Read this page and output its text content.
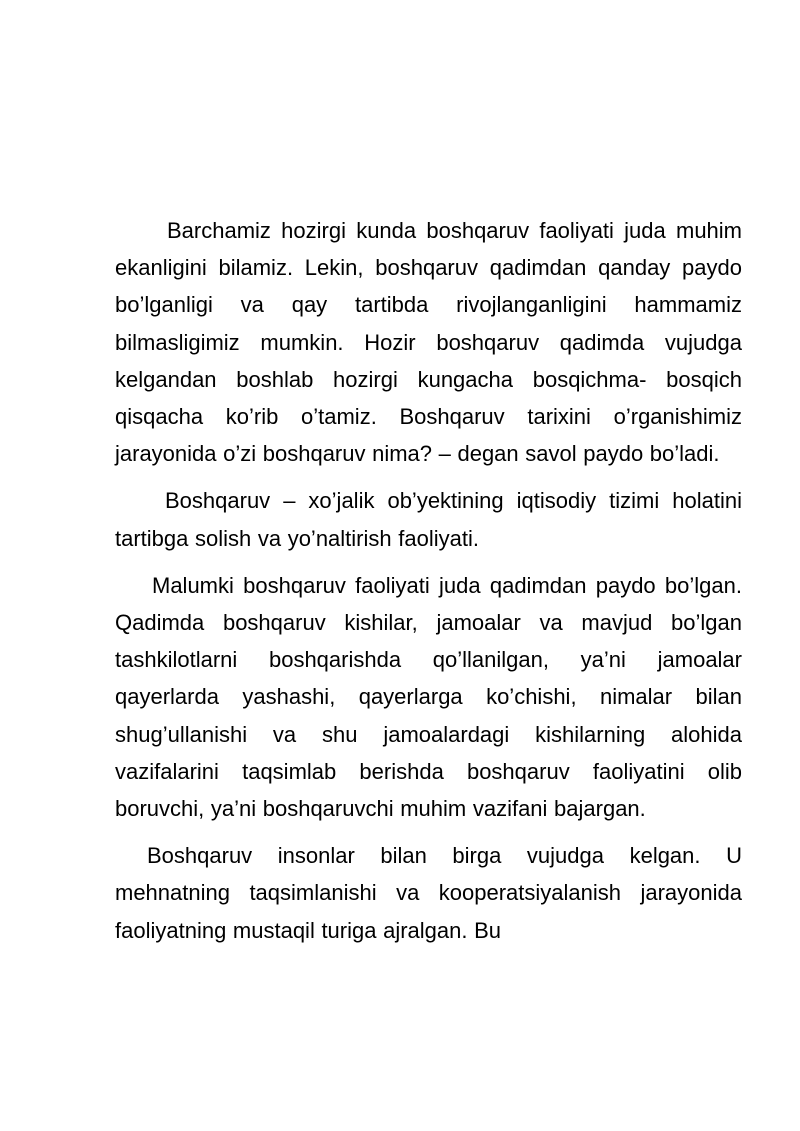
Barchamiz hozirgi kunda boshqaruv faoliyati juda muhim ekanligini bilamiz. Lekin, boshqaruv qadimdan qanday paydo bo’lganligi va qay tartibda rivojlanganligini hammamiz bilmasligimiz mumkin. Hozir boshqaruv qadimda vujudga kelgandan boshlab hozirgi kungacha bosqichma- bosqich qisqacha ko’rib o’tamiz. Boshqaruv tarixini o’rganishimiz jarayonida o’zi boshqaruv nima? – degan savol paydo bo’ladi.

Boshqaruv – xo’jalik ob’yektining iqtisodiy tizimi holatini tartibga solish va yo’naltirish faoliyati.

Malumki boshqaruv faoliyati juda qadimdan paydo bo’lgan. Qadimda boshqaruv kishilar, jamoalar va mavjud bo’lgan tashkilotlarni boshqarishda qo’llanilgan, ya’ni jamoalar qayerlarda yashashi, qayerlarga ko’chishi, nimalar bilan shug’ullanishi va shu jamoalardagi kishilarning alohida vazifalarini taqsimlab berishda boshqaruv faoliyatini olib boruvchi, ya’ni boshqaruvchi muhim vazifani bajargan.

Boshqaruv insonlar bilan birga vujudga kelgan. U mehnatning taqsimlanishi va kooperatsiyalanish jarayonida faoliyatning mustaqil turiga ajralgan. Bu
